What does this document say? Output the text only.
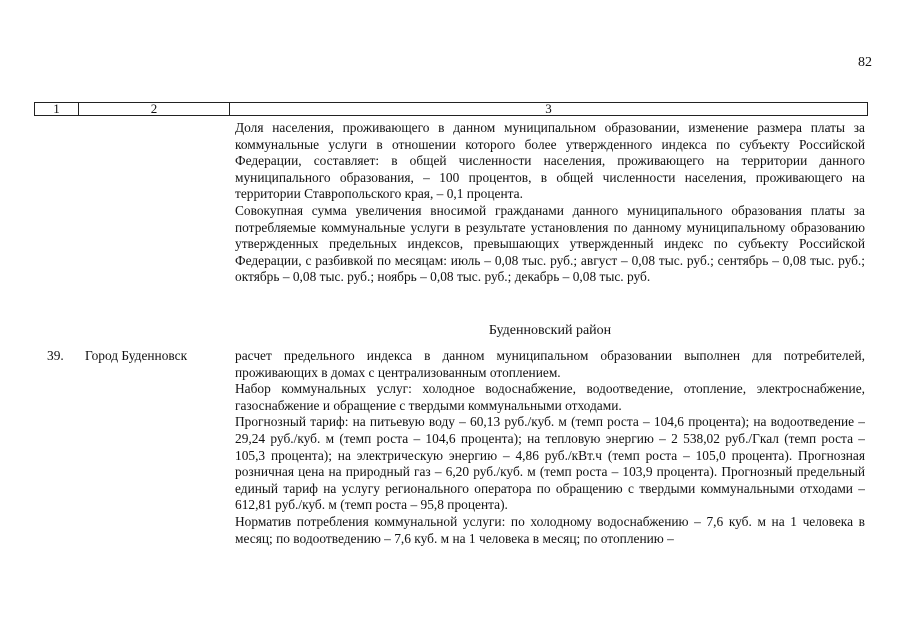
82
1	2	3

Доля населения, проживающего в данном муниципальном образовании, изменение размера платы за коммунальные услуги в отношении которого более утвержденного индекса по субъекту Российской Федерации, составляет: в общей численности населения, проживающего на территории данного муниципального образования, – 100 процентов, в общей численности населения, проживающего на территории Ставропольского края, – 0,1 процента.

Совокупная сумма увеличения вносимой гражданами данного муниципального образования платы за потребляемые коммунальные услуги в результате установления по данному муниципальному образованию утвержденных предельных индексов, превышающих утвержденный индекс по субъекту Российской Федерации, с разбивкой по месяцам: июль – 0,08 тыс. руб.; август – 0,08 тыс. руб.; сентябрь – 0,08 тыс. руб.; октябрь – 0,08 тыс. руб.; ноябрь – 0,08 тыс. руб.; декабрь – 0,08 тыс. руб.

Буденновский район
39. Город Буденновск	расчет предельного индекса в данном муниципальном образовании выполнен для потребителей, проживающих в домах с централизованным отоплением.

Набор коммунальных услуг: холодное водоснабжение, водоотведение, отопление, электроснабжение, газоснабжение и обращение с твердыми коммунальными отходами.

Прогнозный тариф: на питьевую воду – 60,13 руб./куб. м (темп роста – 104,6 процента); на водоотведение – 29,24 руб./куб. м (темп роста – 104,6 процента); на тепловую энергию – 2 538,02 руб./Гкал (темп роста – 105,3 процента); на электрическую энергию – 4,86 руб./кВт.ч (темп роста – 105,0 процента). Прогнозная розничная цена на природный газ – 6,20 руб./куб. м (темп роста – 103,9 процента). Прогнозный предельный единый тариф на услугу регионального оператора по обращению с твердыми коммунальными отходами – 612,81 руб./куб. м (темп роста – 95,8 процента).

Норматив потребления коммунальной услуги: по холодному водоснабжению – 7,6 куб. м на 1 человека в месяц; по водоотведению – 7,6 куб. м на 1 человека в месяц; по отоплению –
